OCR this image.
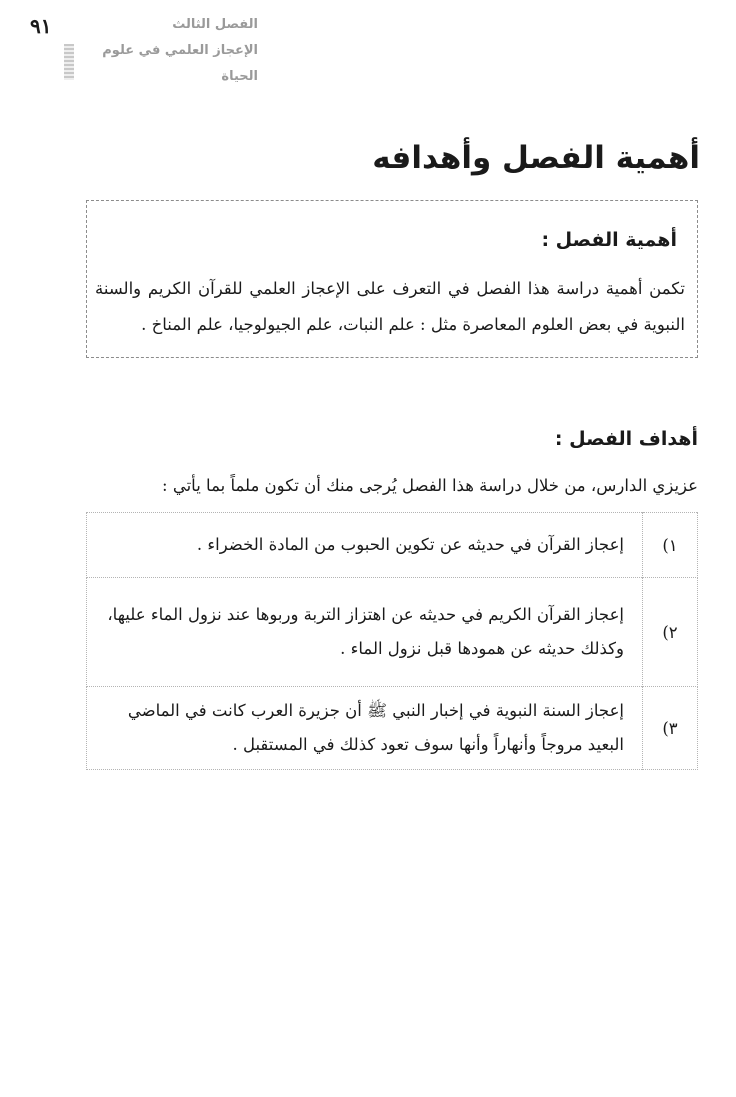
٩١	الفصل الثالث
الإعجاز العلمي في علوم الحياة
أهمية الفصل وأهدافه
أهمية الفصل :

تكمن أهمية دراسة هذا الفصل في التعرف على الإعجاز العلمي للقرآن الكريم والسنة النبوية في بعض العلوم المعاصرة مثل : علم النبات، علم الجيولوجيا، علم المناخ .

أهداف الفصل :

عزيزي الدارس، من خلال دراسة هذا الفصل يُرجى منك أن تكون ملماً بما يأتي :

١)	إعجاز القرآن في حديثه عن تكوين الحبوب من المادة الخضراء .
٢)	إعجاز القرآن الكريم في حديثه عن اهتزاز التربة وربوها عند نزول الماء عليها، وكذلك حديثه عن همودها قبل نزول الماء .
٣)	إعجاز السنة النبوية في إخبار النبي ﷺ أن جزيرة العرب كانت في الماضي البعيد مروجاً وأنهاراً وأنها سوف تعود كذلك في المستقبل .
